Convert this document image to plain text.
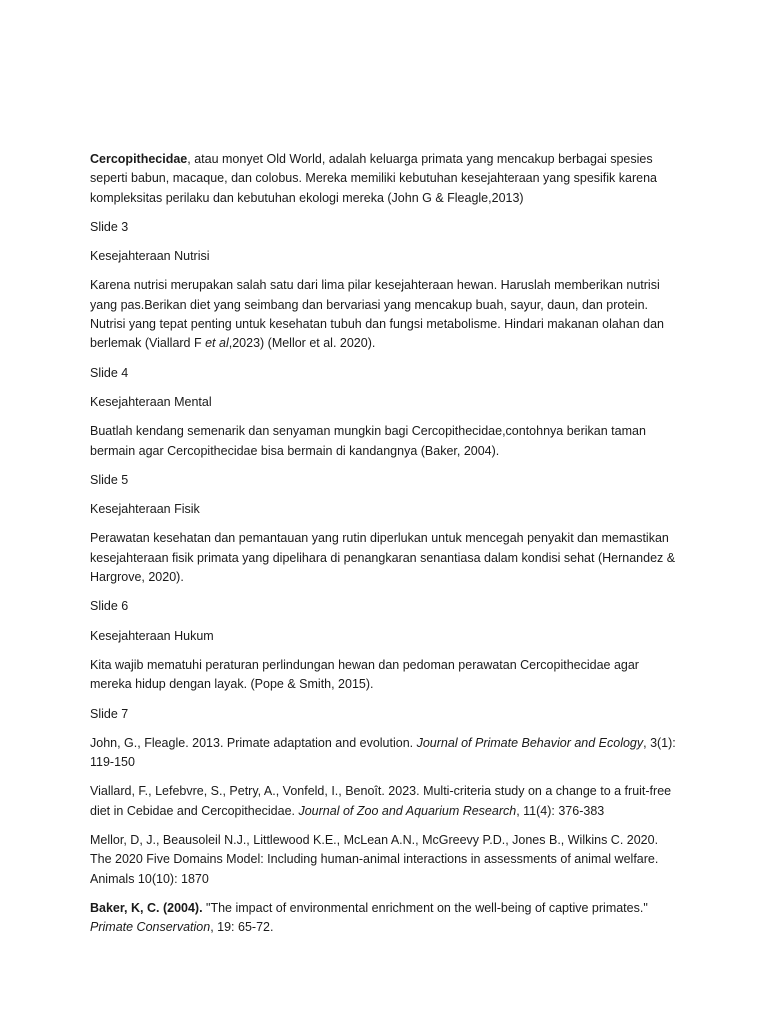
Cercopithecidae, atau monyet Old World, adalah keluarga primata yang mencakup berbagai spesies seperti babun, macaque, dan colobus. Mereka memiliki kebutuhan kesejahteraan yang spesifik karena kompleksitas perilaku dan kebutuhan ekologi mereka (John G & Fleagle,2013)

Slide 3

Kesejahteraan Nutrisi

Karena nutrisi merupakan salah satu dari lima pilar kesejahteraan hewan. Haruslah memberikan nutrisi yang pas.Berikan diet yang seimbang dan bervariasi yang mencakup buah, sayur, daun, dan protein. Nutrisi yang tepat penting untuk kesehatan tubuh dan fungsi metabolisme. Hindari makanan olahan dan berlemak (Viallard F et al,2023) (Mellor et al. 2020).

Slide 4

Kesejahteraan Mental

Buatlah kendang semenarik dan senyaman mungkin bagi Cercopithecidae,contohnya berikan taman bermain agar Cercopithecidae bisa bermain di kandangnya (Baker, 2004).

Slide 5

Kesejahteraan Fisik

Perawatan kesehatan dan pemantauan yang rutin diperlukan untuk mencegah penyakit dan memastikan kesejahteraan fisik primata yang dipelihara di penangkaran senantiasa dalam kondisi sehat (Hernandez & Hargrove, 2020).

Slide 6

Kesejahteraan Hukum

Kita wajib mematuhi peraturan perlindungan hewan dan pedoman perawatan Cercopithecidae agar mereka hidup dengan layak. (Pope & Smith, 2015).

Slide 7

John, G., Fleagle. 2013. Primate adaptation and evolution. Journal of Primate Behavior and Ecology, 3(1): 119-150

Viallard, F., Lefebvre, S., Petry, A., Vonfeld, I., Benoît. 2023. Multi-criteria study on a change to a fruit-free diet in Cebidae and Cercopithecidae. Journal of Zoo and Aquarium Research, 11(4): 376-383

Mellor, D, J., Beausoleil N.J., Littlewood K.E., McLean A.N., McGreevy P.D., Jones B., Wilkins C. 2020. The 2020 Five Domains Model: Including human-animal interactions in assessments of animal welfare. Animals 10(10): 1870

Baker, K, C. (2004). "The impact of environmental enrichment on the well-being of captive primates." Primate Conservation, 19: 65-72.
